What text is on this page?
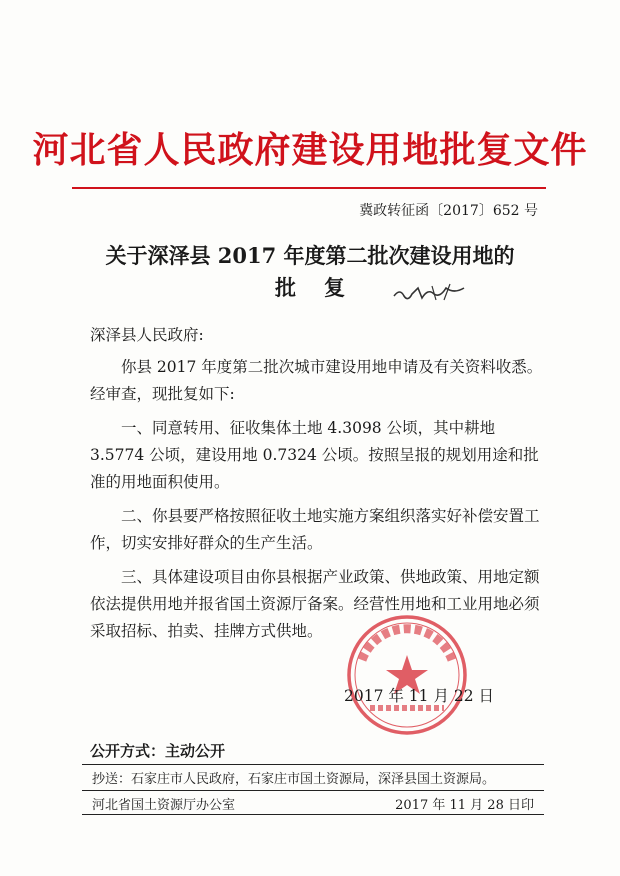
河北省人民政府建设用地批复文件
冀政转征函〔2017〕652 号
关于深泽县 2017 年度第二批次建设用地的
批复
深泽县人民政府:

你县 2017 年度第二批次城市建设用地申请及有关资料收悉。经审查，现批复如下:

一、同意转用、征收集体土地 4.3098 公顷，其中耕地 3.5774 公顷，建设用地 0.7324 公顷。按照呈报的规划用途和批准的用地面积使用。

二、你县要严格按照征收土地实施方案组织落实好补偿安置工作，切实安排好群众的生产生活。

三、具体建设项目由你县根据产业政策、供地政策、用地定额依法提供用地并报省国土资源厅备案。经营性用地和工业用地必须采取招标、拍卖、挂牌方式供地。

2017 年 11 月 22 日
公开方式：主动公开
抄送：石家庄市人民政府，石家庄市国土资源局，深泽县国土资源局。
河北省国土资源厅办公室	2017 年 11 月 28 日印
